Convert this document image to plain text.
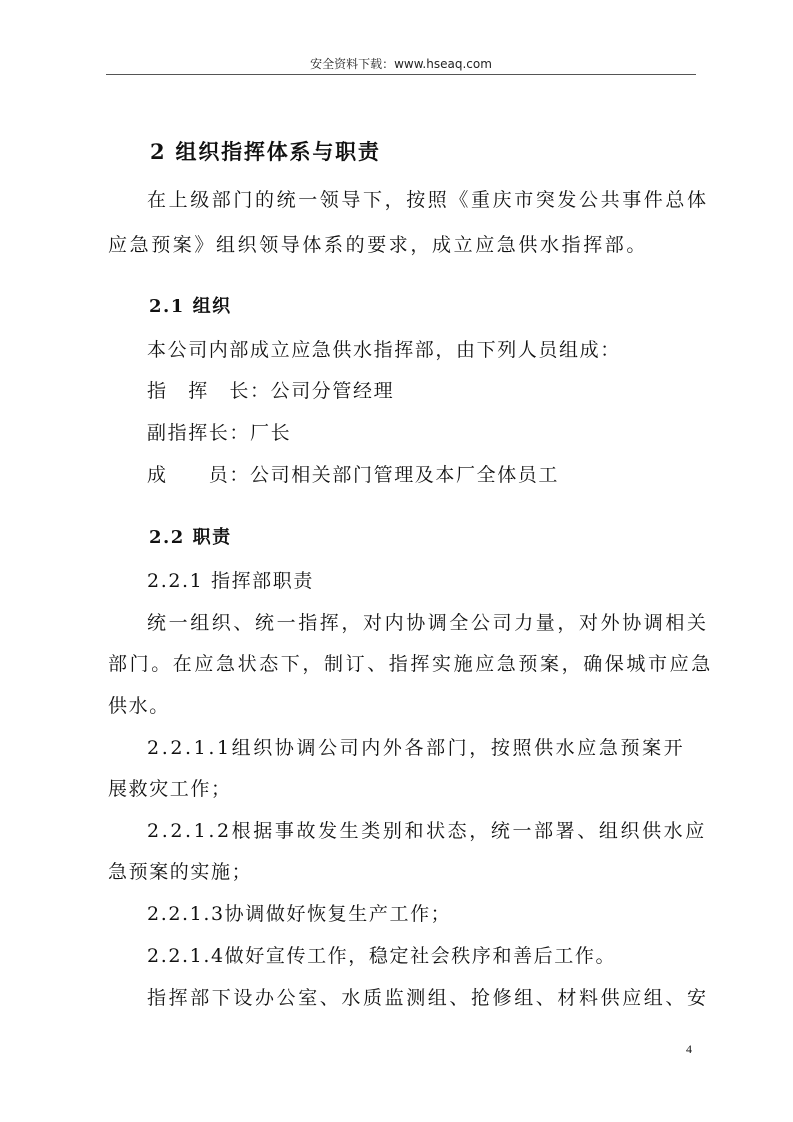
安全资料下载：www.hseaq.com
2 组织指挥体系与职责
在上级部门的统一领导下，按照《重庆市突发公共事件总体
应急预案》组织领导体系的要求，成立应急供水指挥部。
2.1 组织
本公司内部成立应急供水指挥部，由下列人员组成：
指　挥　长：公司分管经理
副指挥长：厂长
成　　员：公司相关部门管理及本厂全体员工
2.2 职责
2.2.1 指挥部职责
统一组织、统一指挥，对内协调全公司力量，对外协调相关
部门。在应急状态下，制订、指挥实施应急预案，确保城市应急
供水。
2.2.1.1组织协调公司内外各部门，按照供水应急预案开
展救灾工作；
2.2.1.2根据事故发生类别和状态，统一部署、组织供水应
急预案的实施；
2.2.1.3协调做好恢复生产工作；
2.2.1.4做好宣传工作，稳定社会秩序和善后工作。
指挥部下设办公室、水质监测组、抢修组、材料供应组、安
4
